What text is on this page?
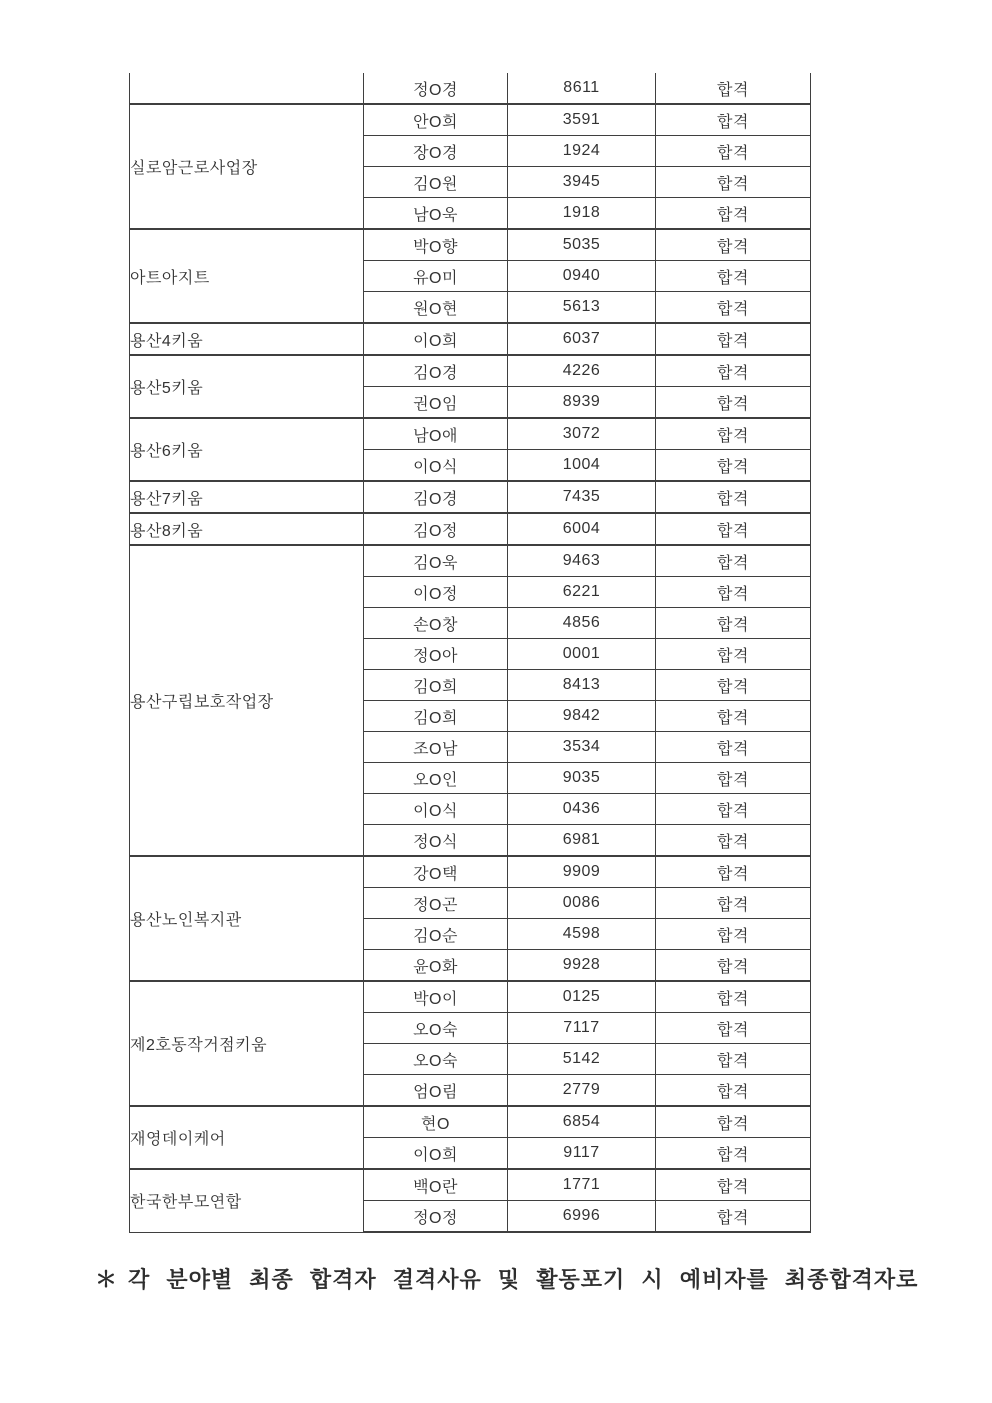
	정O경	8611	합격
실로암근로사업장	안O희	3591	합격
	장O경	1924	합격
	김O원	3945	합격
	남O욱	1918	합격
아트아지트	박O향	5035	합격
	유O미	0940	합격
	원O현	5613	합격
용산4키움	이O희	6037	합격
용산5키움	김O경	4226	합격
	권O임	8939	합격
용산6키움	남O애	3072	합격
	이O식	1004	합격
용산7키움	김O경	7435	합격
용산8키움	김O정	6004	합격
용산구립보호작업장	김O욱	9463	합격
	이O정	6221	합격
	손O창	4856	합격
	정O아	0001	합격
	김O희	8413	합격
	김O희	9842	합격
	조O남	3534	합격
	오O인	9035	합격
	이O식	0436	합격
	정O식	6981	합격
용산노인복지관	강O택	9909	합격
	정O곤	0086	합격
	김O순	4598	합격
	윤O화	9928	합격
제2호동작거점키움	박O이	0125	합격
	오O숙	7117	합격
	오O숙	5142	합격
	엄O림	2779	합격
재영데이케어	현O	6854	합격
	이O희	9117	합격
한국한부모연합	백O란	1771	합격
	정O정	6996	합격
＊ 각 분야별 최종 합격자 결격사유 및 활동포기 시 예비자를 최종합격자로
